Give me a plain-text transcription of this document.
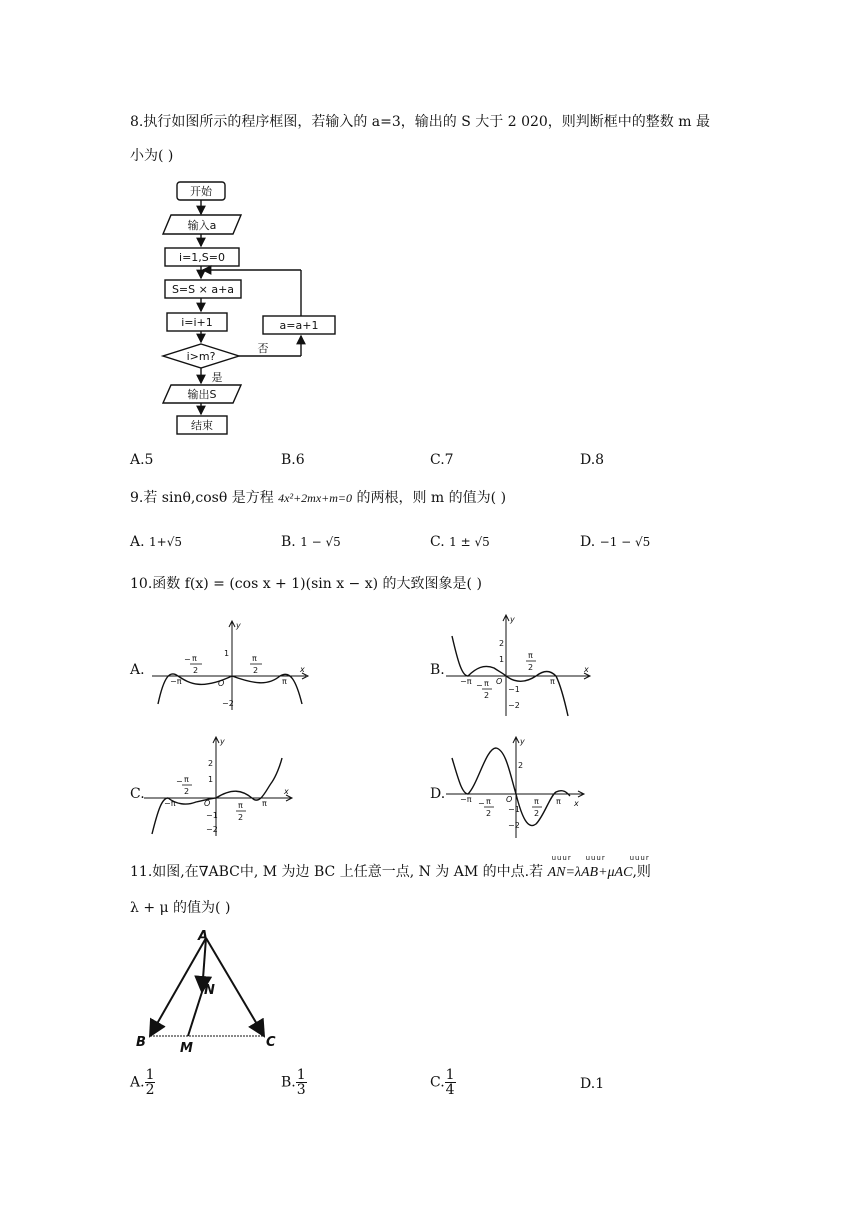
8.执行如图所示的程序框图，若输入的 a=3，输出的 S 大于 2 020，则判断框中的整数 m 最
小为( )
开始
输入a
i=1,S=0
S=S × a+a
i=i+1
i>m?
a=a+1
否
是
输出S
结束
A.5	B.6	C.7	D.8
9.若 sinθ,cosθ 是方程 4x²+2mx+m=0 的两根，则 m 的值为( )
A. 1+√5	B. 1 − √5	C. 1 ± √5	D. −1 − √5
10.函数 f(x) = (cos x + 1)(sin x − x) 的大致图象是( )
A.
y
x
O
1
−2
−π	π
− π
2
π
2	B.
y
x
O
2
1
−1
−2
−π	π
− π
2
π
2
C.
y
x
O
2
1
−1
−2
−π	π
− π
2
π
2
D.
y
x
O
2
−1
−2
−π	π
− π
2
π
2
11.如图,在∇ABC中, M 为边 BC 上任意一点, N 为 AM 的中点.若
uuur uuur	uuur
AN=λAB+μAC,则
λ + μ 的值为( )
A
B	C
N
M
A. $\frac{1}{2}$	B. $\frac{1}{3}$	C. $\frac{1}{4}$	D.1
